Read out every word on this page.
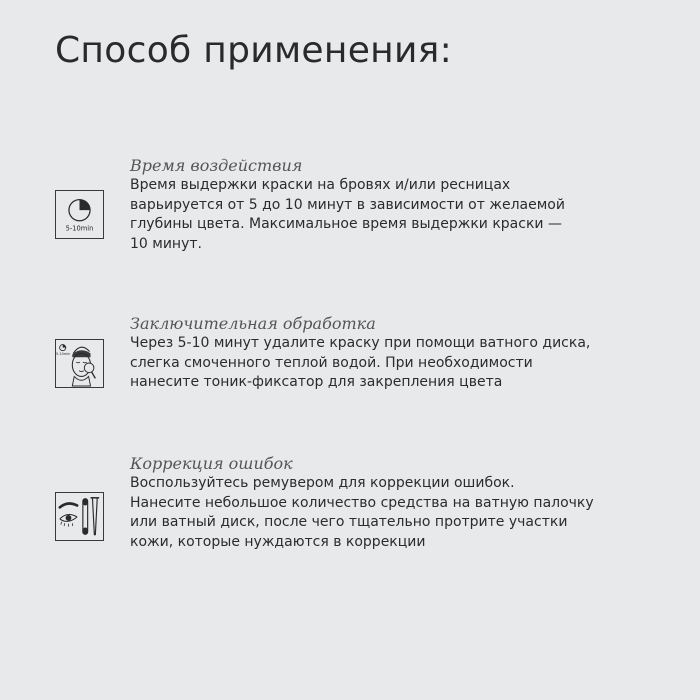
Способ применения:
5-10min
Время воздействия

Время выдержки краски на бровях и/или ресницах
варьируется от 5 до 10 минут в зависимости от желаемой
глубины цвета. Максимальное время выдержки краски —
10 минут.

5-10min
Заключительная обработка

Через 5-10 минут удалите краску при помощи ватного диска,
слегка смоченного теплой водой. При необходимости
нанесите тоник-фиксатор для закрепления цвета

Коррекция ошибок

Воспользуйтесь ремувером для коррекции ошибок.
Нанесите небольшое количество средства на ватную палочку
или ватный диск, после чего тщательно протрите участки
кожи, которые нуждаются в коррекции
